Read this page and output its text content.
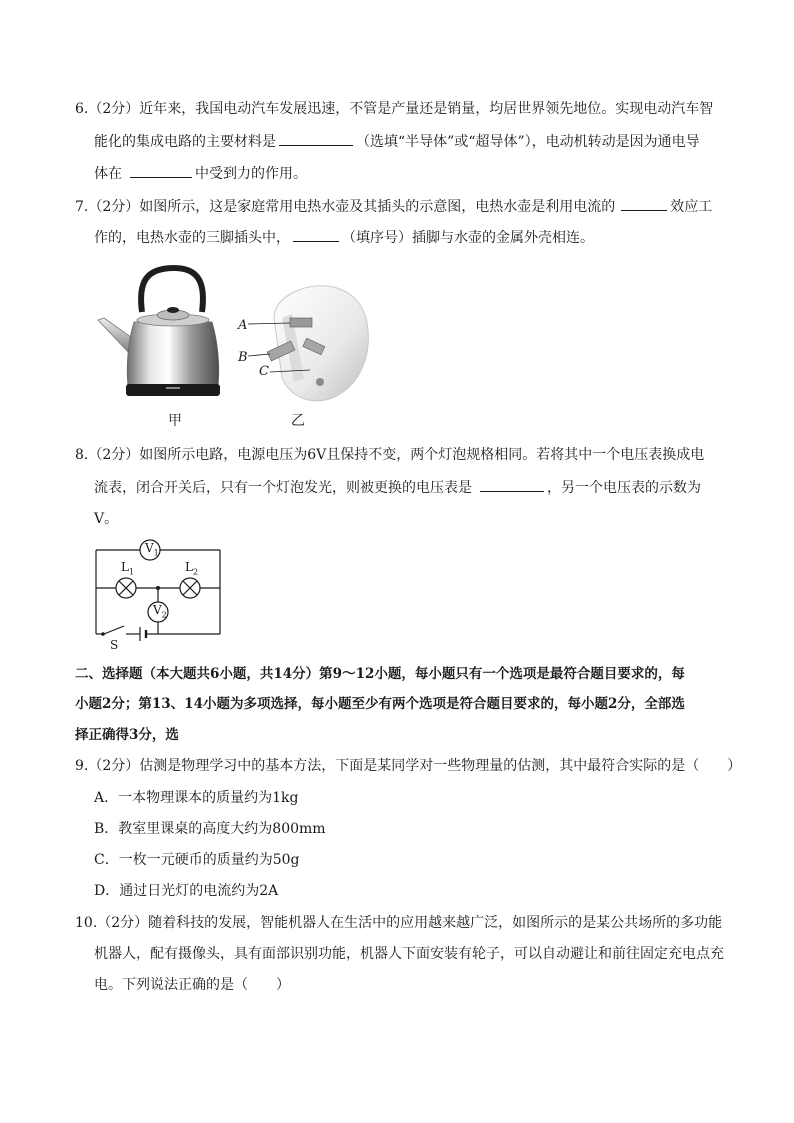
6.（2分）近年来，我国电动汽车发展迅速，不管是产量还是销量，均居世界领先地位。实现电动汽车智
能化的集成电路的主要材料是	（选填“半导体”或“超导体”），电动机转动是因为通电导
体在	中受到力的作用。
7.（2分）如图所示，这是家庭常用电热水壶及其插头的示意图，电热水壶是利用电流的	效应工
作的，电热水壶的三脚插头中，	（填序号）插脚与水壶的金属外壳相连。
甲
A
B
C
乙
8.（2分）如图所示电路，电源电压为6V且保持不变，两个灯泡规格相同。若将其中一个电压表换成电
流表，闭合开关后，只有一个灯泡发光，则被更换的电压表是	，另一个电压表的示数为
V。
$V_1$
$L_1$	$L_2$
$V_2$
S
二、选择题（本大题共6小题，共14分）第9～12小题，每小题只有一个选项是最符合题目要求的，每
小题2分；第13、14小题为多项选择，每小题至少有两个选项是符合题目要求的，每小题2分，全部选
择正确得3分，选
9.（2分）估测是物理学习中的基本方法，下面是某同学对一些物理量的估测，其中最符合实际的是（　　）
A．一本物理课本的质量约为1kg
B．教室里课桌的高度大约为800mm
C．一枚一元硬币的质量约为50g
D．通过日光灯的电流约为2A
10.（2分）随着科技的发展，智能机器人在生活中的应用越来越广泛，如图所示的是某公共场所的多功能
机器人，配有摄像头，具有面部识别功能，机器人下面安装有轮子，可以自动避让和前往固定充电点充
电。下列说法正确的是（　　）
